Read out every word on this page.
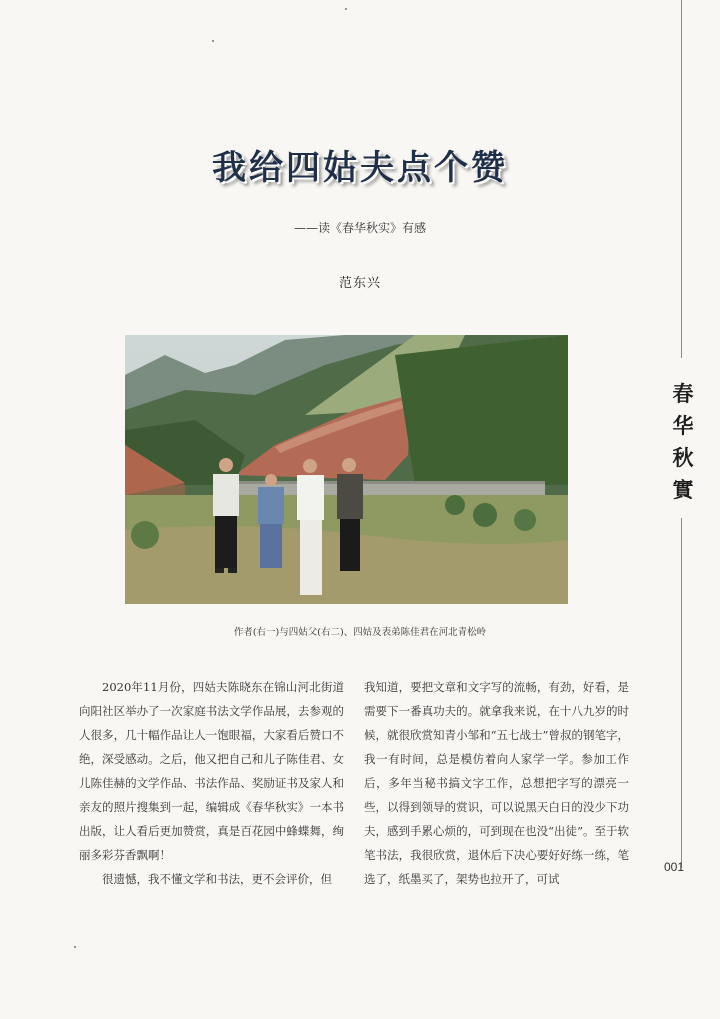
春
华
秋
實
001
我给四姑夫点个赞
——读《春华秋实》有感
范东兴
作者(右一)与四姑父(右二)、四姑及表弟陈佳君在河北青松岭

2020年11月份，四姑夫陈晓东在锦山河北街道向阳社区举办了一次家庭书法文学作品展，去参观的人很多，几十幅作品让人一饱眼福，大家看后赞口不绝，深受感动。之后，他又把自己和儿子陈佳君、女儿陈佳赫的文学作品、书法作品、奖励证书及家人和亲友的照片搜集到一起，编辑成《春华秋实》一本书出版，让人看后更加赞赏，真是百花园中蜂蝶舞，绚丽多彩芬香飘啊！

很遗憾，我不懂文学和书法，更不会评价，但

我知道，要把文章和文字写的流畅，有劲，好看，是需要下一番真功夫的。就拿我来说，在十八九岁的时候，就很欣赏知青小邹和“五七战士”曾叔的钢笔字，我一有时间，总是模仿着向人家学一学。参加工作后，多年当秘书搞文字工作，总想把字写的漂亮一些，以得到领导的赏识，可以说黑天白日的没少下功夫，感到手累心烦的，可到现在也没“出徒”。至于软笔书法，我很欣赏，退休后下决心要好好练一练，笔选了，纸墨买了，架势也拉开了，可试
